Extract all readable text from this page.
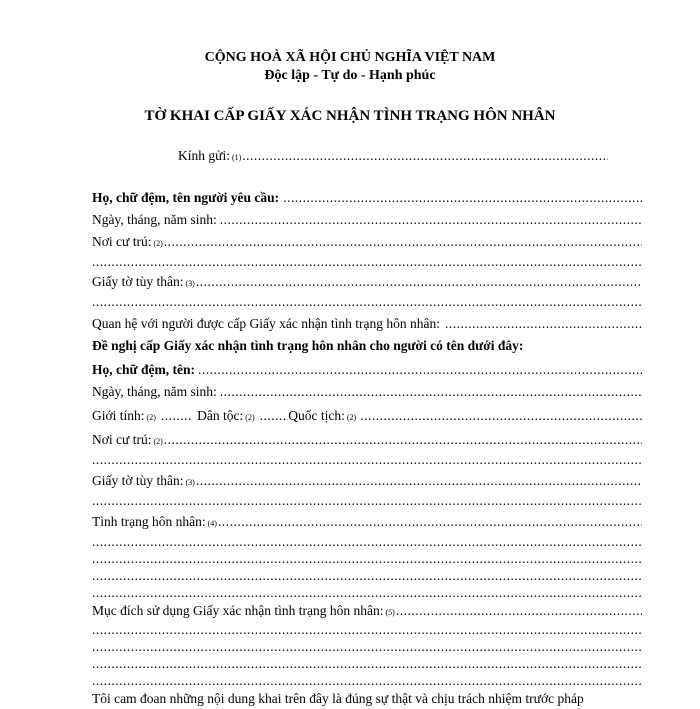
CỘNG HOÀ XÃ HỘI CHỦ NGHĨA VIỆT NAM
Độc lập - Tự do - Hạnh phúc
TỜ KHAI CẤP GIẤY XÁC NHẬN TÌNH TRẠNG HÔN NHÂN
Kính gửi: (1)
.....
Họ, chữ đệm, tên người yêu cầu:
.....
Ngày, tháng, năm sinh:
.....
Nơi cư trú: (2)
.....
.....
Giấy tờ tùy thân: (3)
.....
.....
Quan hệ với người được cấp Giấy xác nhận tình trạng hôn nhân:
.....
Đề nghị cấp Giấy xác nhận tình trạng hôn nhân cho người có tên dưới đây:
Họ, chữ đệm, tên:
.....
Ngày, tháng, năm sinh:
.....
Giới tính: (2) .....	Dân tộc: (2) ..... Quốc tịch: (2)
.....
Nơi cư trú: (2)
.....
.....
Giấy tờ tùy thân: (3)
.....
.....
Tình trạng hôn nhân: (4)
.....
.....
.....
.....
.....
Mục đích sử dụng Giấy xác nhận tình trạng hôn nhân: (5)
.....
.....
.....
.....
.....
Tôi cam đoan những nội dung khai trên đây là đúng sự thật và chịu trách nhiệm trước pháp
